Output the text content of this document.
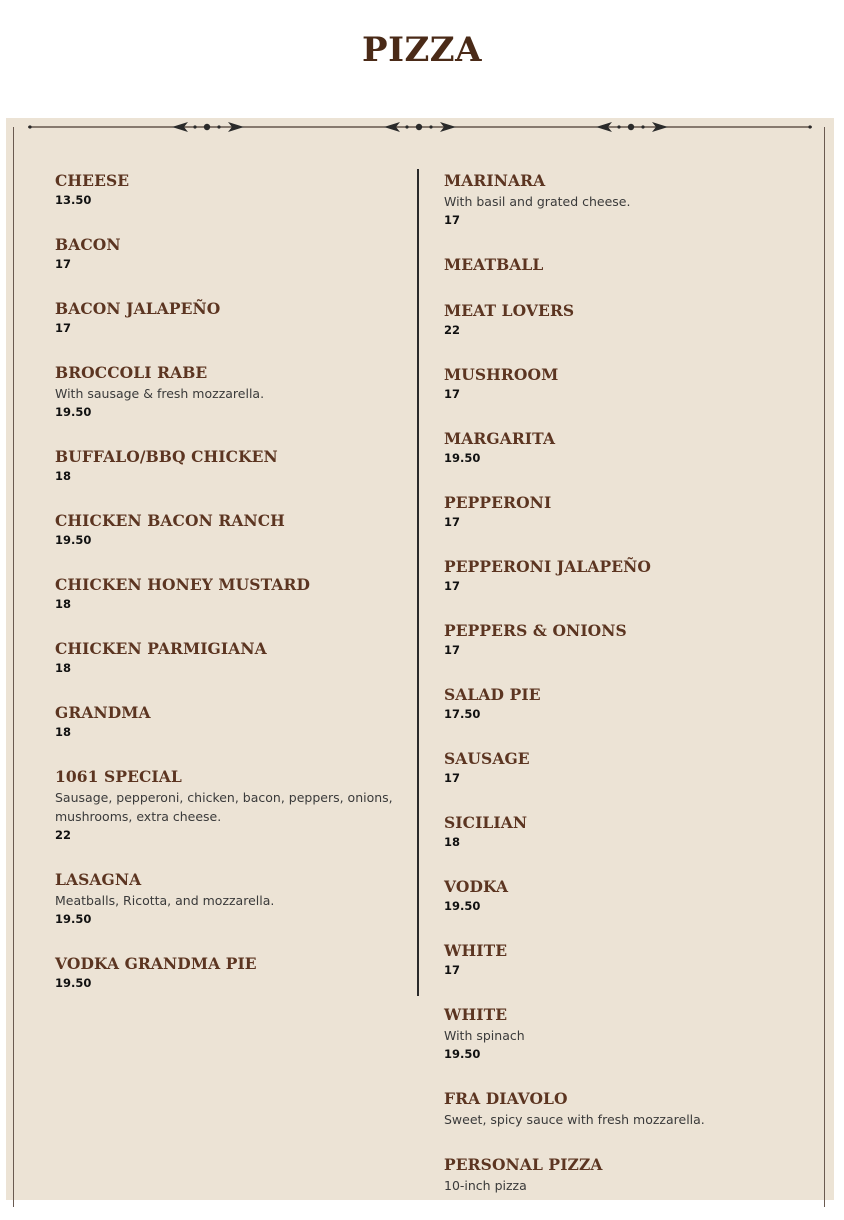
PIZZA
CHEESE
13.50
BACON
17
BACON JALAPEÑO
17
BROCCOLI RABE
With sausage & fresh mozzarella.
19.50
BUFFALO/BBQ CHICKEN
18
CHICKEN BACON RANCH
19.50
CHICKEN HONEY MUSTARD
18
CHICKEN PARMIGIANA
18
GRANDMA
18
1061 SPECIAL
Sausage, pepperoni, chicken, bacon, peppers, onions, mushrooms, extra cheese.
22
LASAGNA
Meatballs, Ricotta, and mozzarella.
19.50
VODKA GRANDMA PIE
19.50
MARINARA
With basil and grated cheese.
17
MEATBALL
MEAT LOVERS
22
MUSHROOM
17
MARGARITA
19.50
PEPPERONI
17
PEPPERONI JALAPEÑO
17
PEPPERS & ONIONS
17
SALAD PIE
17.50
SAUSAGE
17
SICILIAN
18
VODKA
19.50
WHITE
17
WHITE
With spinach
19.50
FRA DIAVOLO
Sweet, spicy sauce with fresh mozzarella.
PERSONAL PIZZA
10-inch pizza
